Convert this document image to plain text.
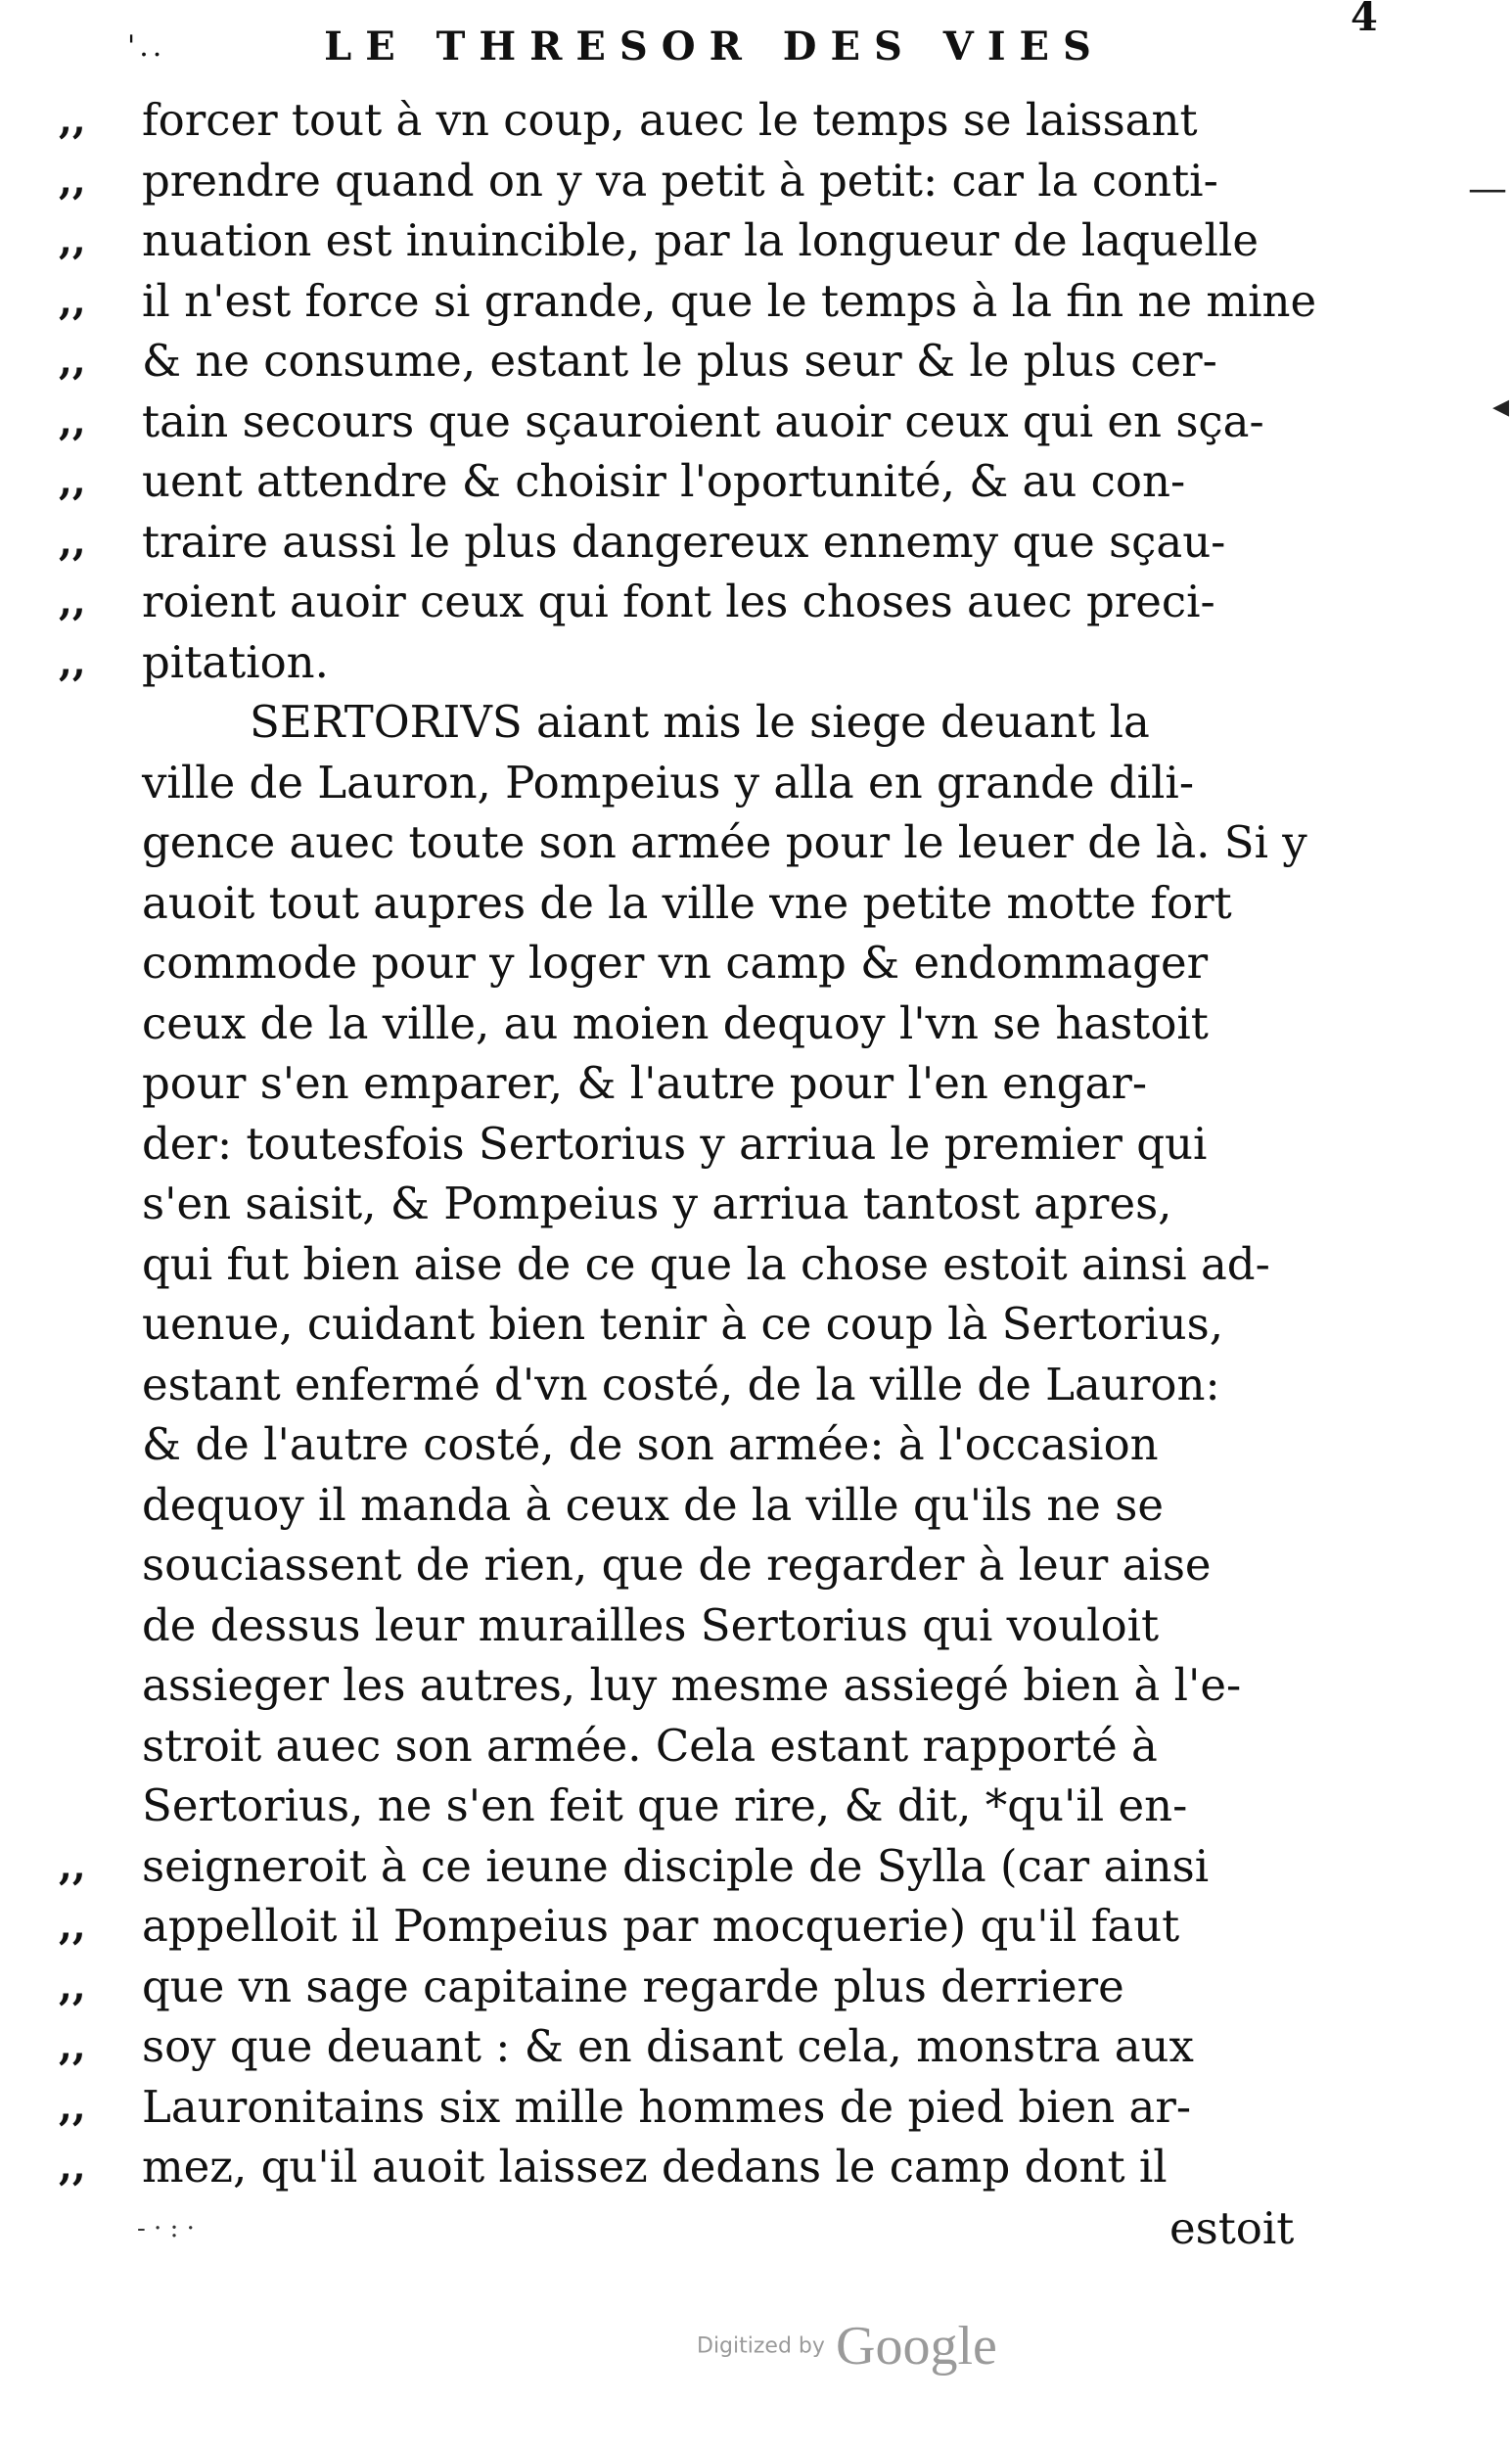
'..	LE THRESOR DES VIES
4
,,	forcer tout à vn coup, auec le temps se laissant
,,	prendre quand on y va petit à petit: car la conti-
,,	nuation est inuincible, par la longueur de laquelle
,,	il n'est force si grande, que le temps à la fin ne mine
,,	& ne consume, estant le plus seur & le plus cer-
,,	tain secours que sçauroient auoir ceux qui en sça-
,,	uent attendre & choisir l'oportunité, & au con-
,,	traire aussi le plus dangereux ennemy que sçau-
,,	roient auoir ceux qui font les choses auec preci-
,,	pitation.
SERTORIVS aiant mis le siege deuant la
ville de Lauron, Pompeius y alla en grande dili-
gence auec toute son armée pour le leuer de là. Si y
auoit tout aupres de la ville vne petite motte fort
commode pour y loger vn camp & endommager
ceux de la ville, au moien dequoy l'vn se hastoit
pour s'en emparer, & l'autre pour l'en engar-
der: toutesfois Sertorius y arriua le premier qui
s'en saisit, & Pompeius y arriua tantost apres,
qui fut bien aise de ce que la chose estoit ainsi ad-
uenue, cuidant bien tenir à ce coup là Sertorius,
estant enfermé d'vn costé, de la ville de Lauron:
& de l'autre costé, de son armée: à l'occasion
dequoy il manda à ceux de la ville qu'ils ne se
souciassent de rien, que de regarder à leur aise
de dessus leur murailles Sertorius qui vouloit
assieger les autres, luy mesme assiegé bien à l'e-
stroit auec son armée. Cela estant rapporté à
Sertorius, ne s'en feit que rire, & dit, *qu'il en-
,,	seigneroit à ce ieune disciple de Sylla (car ainsi
,,	appelloit il Pompeius par mocquerie) qu'il faut
,,	que vn sage capitaine regarde plus derriere
,,	soy que deuant : & en disant cela, monstra aux
,,	Lauronitains six mille hommes de pied bien ar-
,,	mez, qu'il auoit laissez dedans le camp dont il
estoit
- · : ·
—
◂
Digitized by Google
